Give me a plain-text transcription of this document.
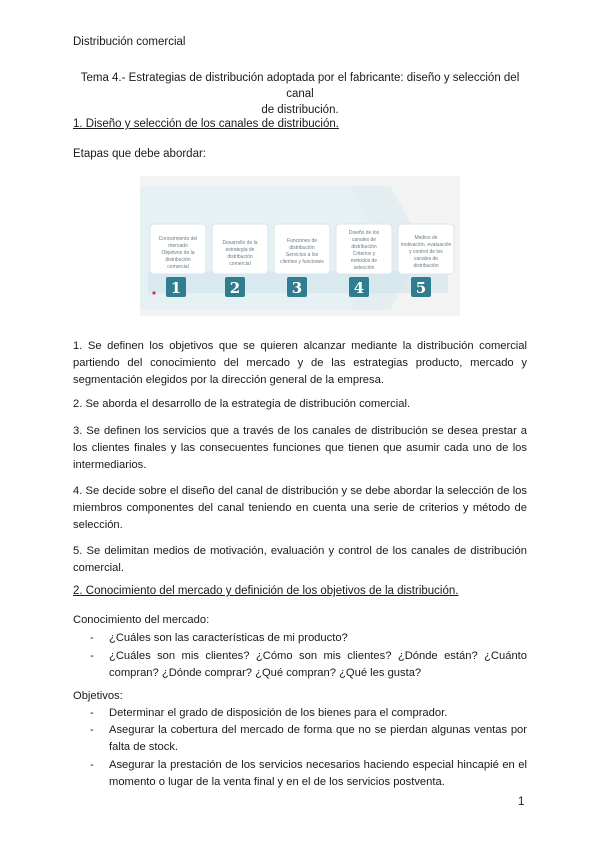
Distribución comercial
Tema 4.- Estrategias de distribución adoptada por el fabricante: diseño y selección del canal
de distribución.
1. Diseño y selección de los canales de distribución.
Etapas que debe abordar:
Conocimiento del
mercado
Objetivos de la
distribución
comercial
1
Desarrollo de la
estrategia de
distribución
comercial
2
Funciones de
distribución
Servicios a los
clientes y funciones
3
Diseño de los
canales de
distribución
Criterios y
métodos de
selección
4
Medios de
motivación, evaluación
y control de los
canales de
distribución
5
1. Se definen los objetivos que se quieren alcanzar mediante la distribución comercial partiendo del conocimiento del mercado y de las estrategias producto, mercado y segmentación elegidos por la dirección general de la empresa.
2. Se aborda el desarrollo de la estrategia de distribución comercial.
3. Se definen los servicios que a través de los canales de distribución se desea prestar a los clientes finales y las consecuentes funciones que tienen que asumir cada uno de los intermediarios.
4. Se decide sobre el diseño del canal de distribución y se debe abordar la selección de los miembros componentes del canal teniendo en cuenta una serie de criterios y método de selección.
5. Se delimitan medios de motivación, evaluación y control de los canales de distribución comercial.
2. Conocimiento del mercado y definición de los objetivos de la distribución.
Conocimiento del mercado:
- ¿Cuáles son las características de mi producto?
- ¿Cuáles son mis clientes? ¿Cómo son mis clientes? ¿Dónde están? ¿Cuánto compran? ¿Dónde comprar? ¿Qué compran? ¿Qué les gusta?
Objetivos:
- Determinar el grado de disposición de los bienes para el comprador.
- Asegurar la cobertura del mercado de forma que no se pierdan algunas ventas por falta de stock.
- Asegurar la prestación de los servicios necesarios haciendo especial hincapié en el momento o lugar de la venta final y en el de los servicios postventa.
1
